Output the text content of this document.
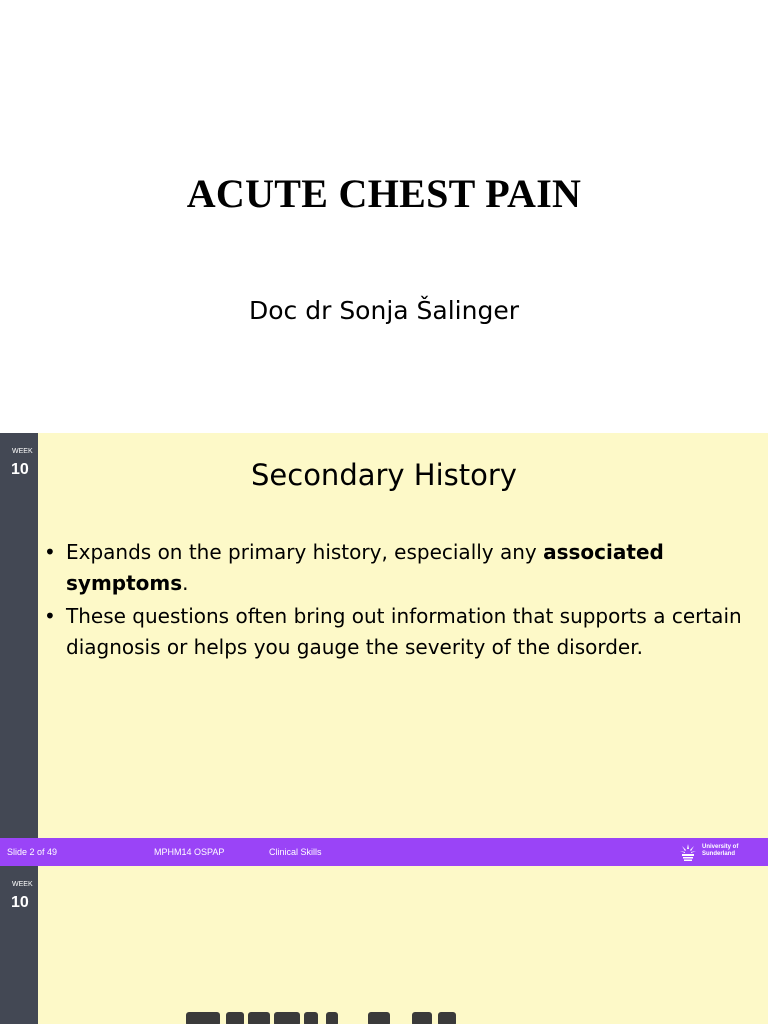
ACUTE CHEST PAIN
Doc dr Sonja Šalinger
WEEK
10	Secondary History
• Expands on the primary history, especially any associated symptoms.
• These questions often bring out information that supports a certain diagnosis or helps you gauge the severity of the disorder.
Slide 2 of 49	MPHM14 OSPAP	Clinical Skills	University of Sunderland
WEEK
10
